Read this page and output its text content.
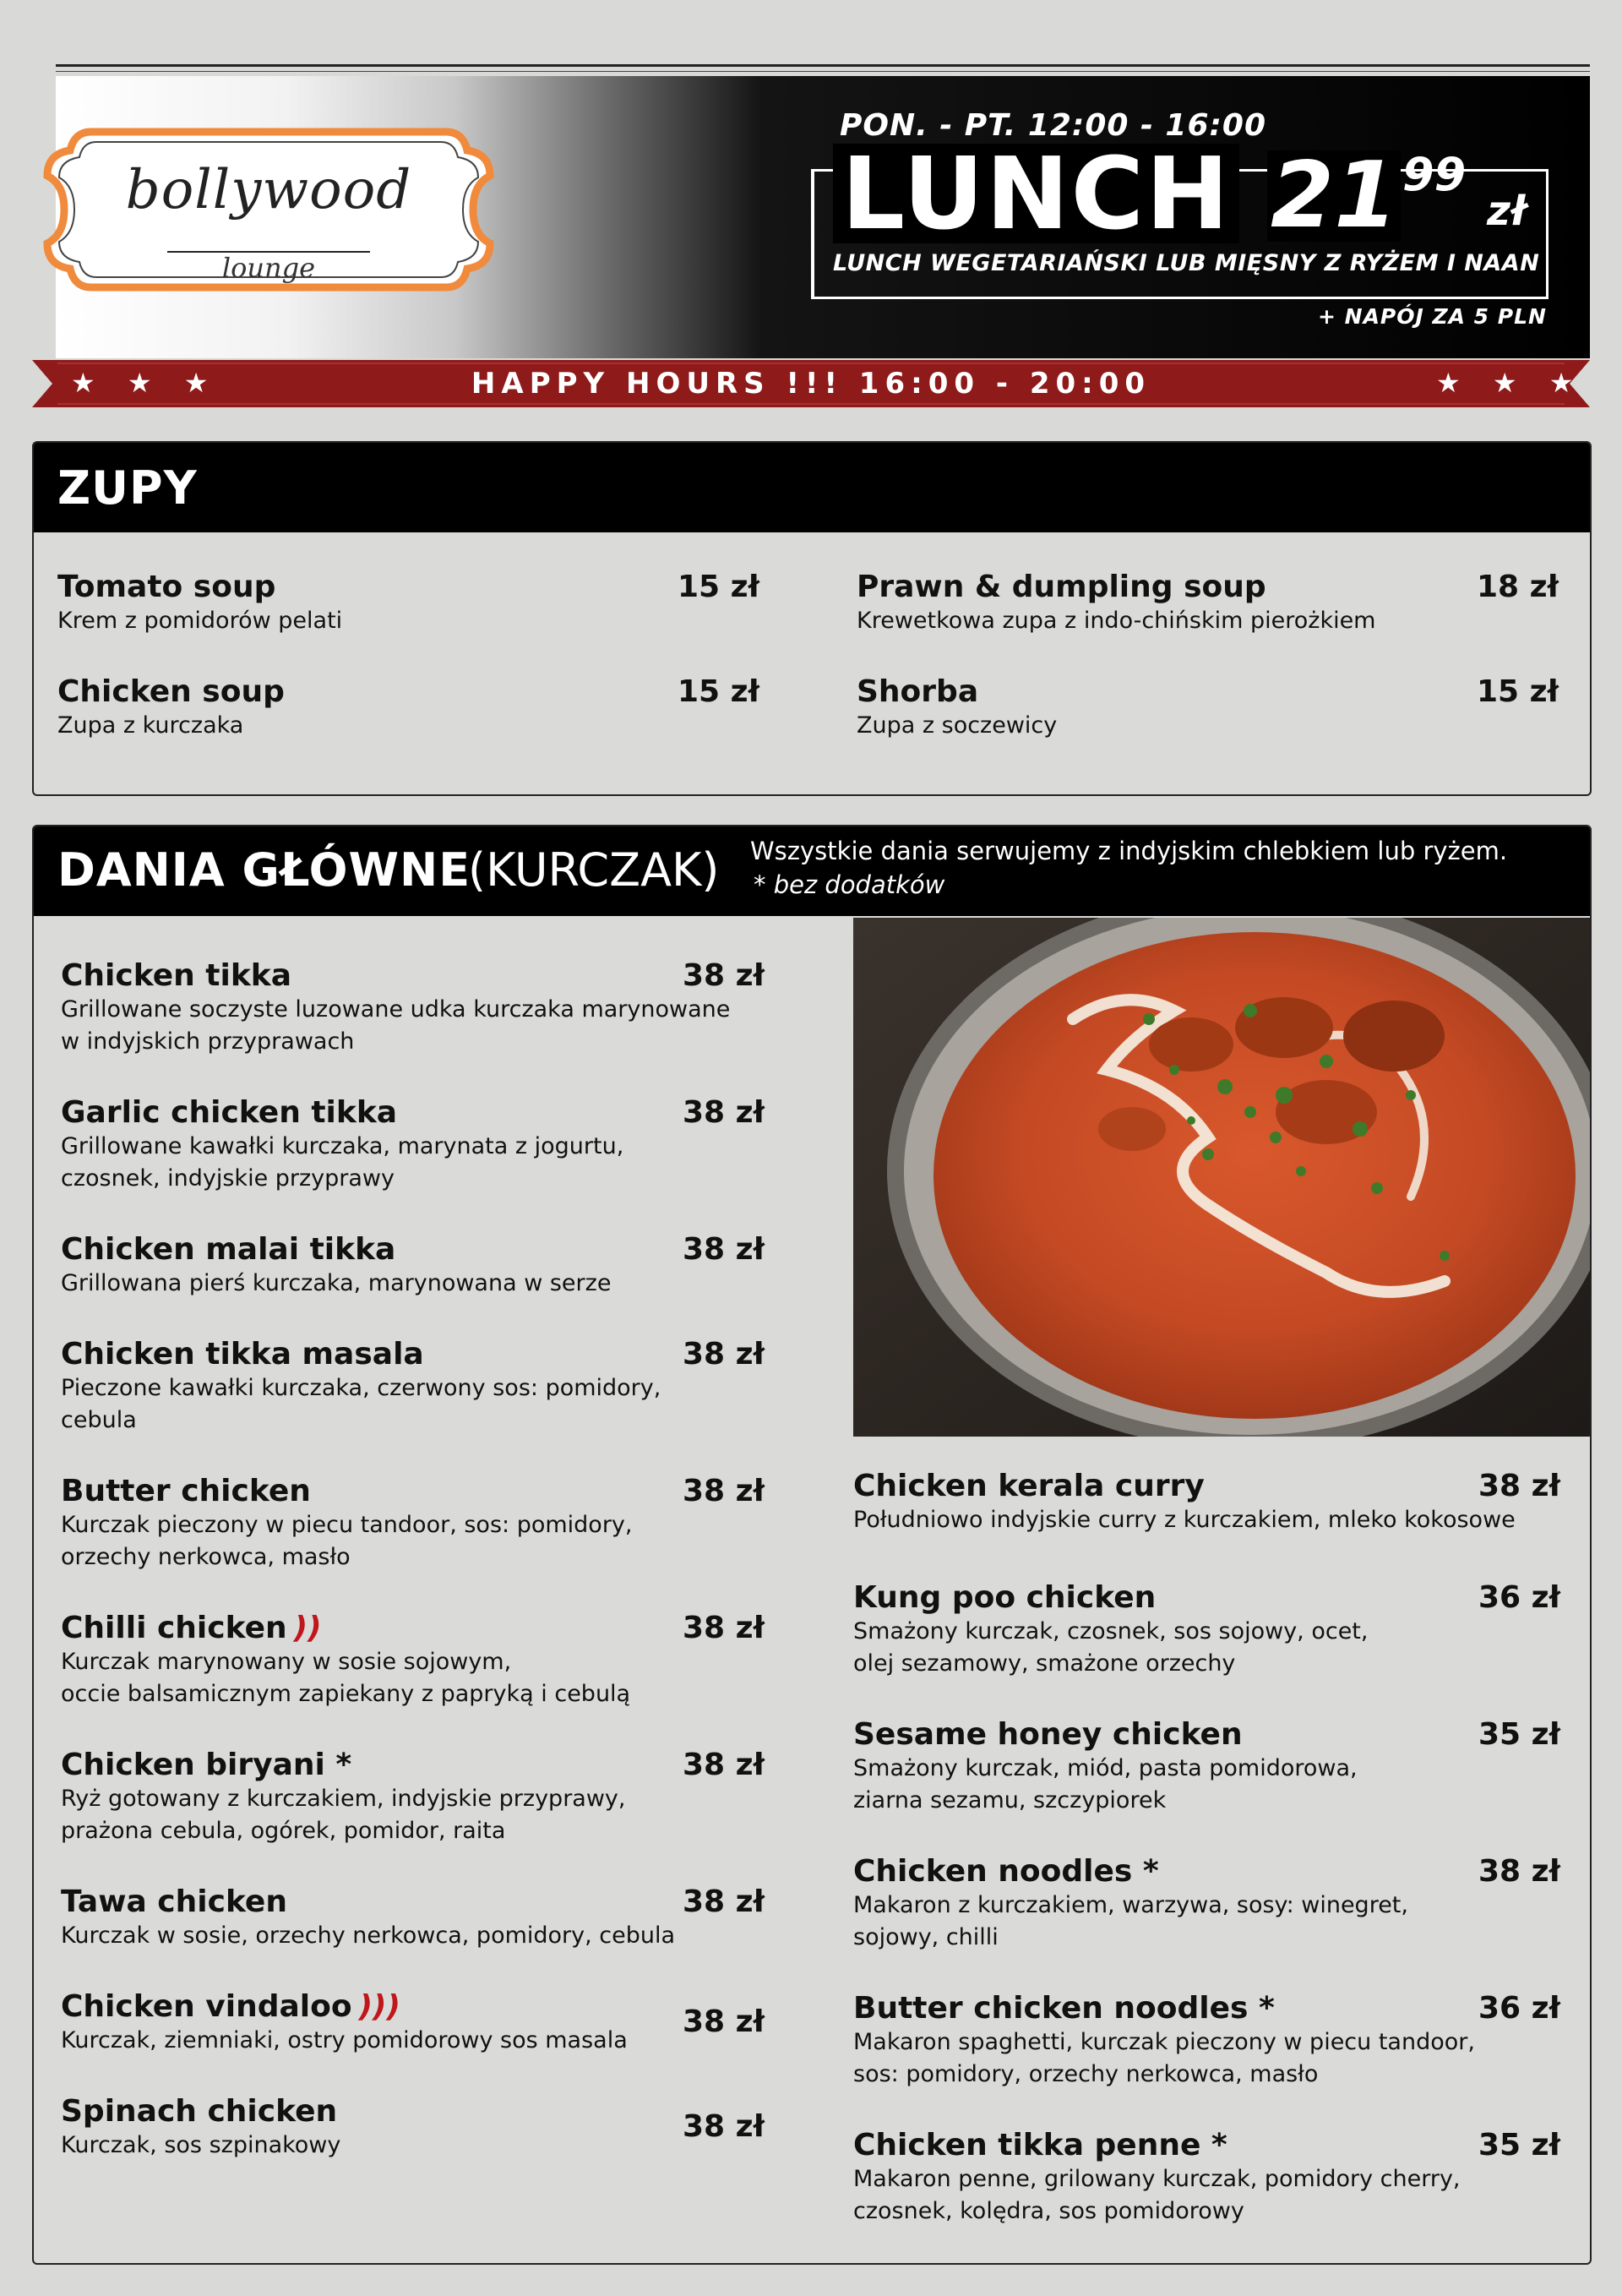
bollywood
lounge
PON. - PT. 12:00 - 16:00
LUNCH 21 99
zł
LUNCH WEGETARIAŃSKI LUB MIĘSNY Z RYŻEM I NAAN
+ NAPÓJ ZA 5 PLN
★ ★ ★	HAPPY HOURS !!! 16:00 - 20:00	★ ★ ★
ZUPY
Tomato soup
Krem z pomidorów pelati
15 zł	Prawn & dumpling soup
Krewetkowa zupa z indo-chińskim pierożkiem
18 zł
Chicken soup
Zupa z kurczaka
15 zł	Shorba
Zupa z soczewicy
15 zł
DANIA GŁÓWNE
(KURCZAK) Wszystkie dania serwujemy z indyjskim chlebkiem lub ryżem.
* bez dodatków
Chicken tikka
Grillowane soczyste luzowane udka kurczaka marynowane
w indyjskich przyprawach
38 zł
Garlic chicken tikka
Grillowane kawałki kurczaka, marynata z jogurtu,
czosnek, indyjskie przyprawy
38 zł
Chicken malai tikka
Grillowana pierś kurczaka, marynowana w serze
38 zł
Chicken tikka masala
Pieczone kawałki kurczaka, czerwony sos: pomidory,
cebula
38 zł
Butter chicken
Kurczak pieczony w piecu tandoor, sos: pomidory,
orzechy nerkowca, masło
38 zł
Chilli chicken ))
Kurczak marynowany w sosie sojowym,
occie balsamicznym zapiekany z papryką i cebulą
38 zł
Chicken biryani *
Ryż gotowany z kurczakiem, indyjskie przyprawy,
prażona cebula, ogórek, pomidor, raita
38 zł
Tawa chicken
Kurczak w sosie, orzechy nerkowca, pomidory, cebula
38 zł
Chicken vindaloo )))
Kurczak, ziemniaki, ostry pomidorowy sos masala
38 zł
Spinach chicken
Kurczak, sos szpinakowy
38 zł
Chicken kerala curry
Południowo indyjskie curry z kurczakiem, mleko kokosowe
38 zł
Kung poo chicken
Smażony kurczak, czosnek, sos sojowy, ocet,
olej sezamowy, smażone orzechy
36 zł
Sesame honey chicken
Smażony kurczak, miód, pasta pomidorowa,
ziarna sezamu, szczypiorek
35 zł
Chicken noodles *
Makaron z kurczakiem, warzywa, sosy: winegret,
sojowy, chilli
38 zł
Butter chicken noodles *
Makaron spaghetti, kurczak pieczony w piecu tandoor,
sos: pomidory, orzechy nerkowca, masło
36 zł
Chicken tikka penne *
Makaron penne, grilowany kurczak, pomidory cherry,
czosnek, kolędra, sos pomidorowy
35 zł
